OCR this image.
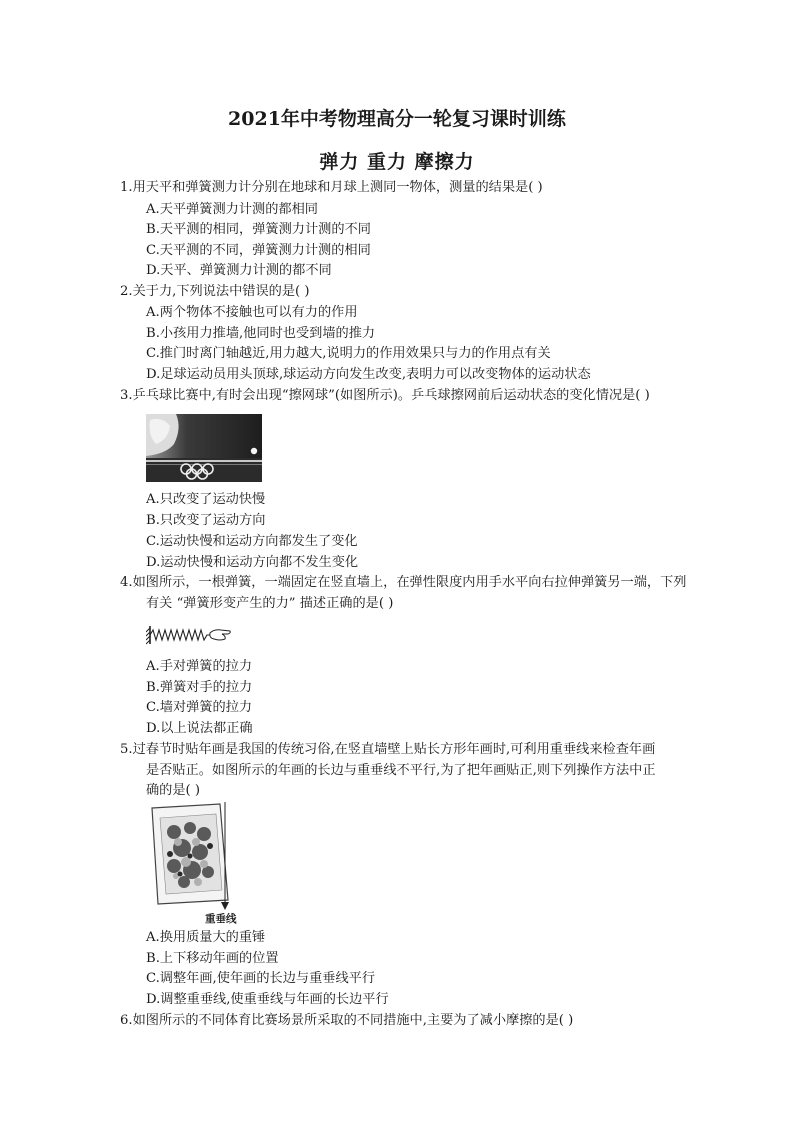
2021年中考物理高分一轮复习课时训练
弹力 重力 摩擦力
1.用天平和弹簧测力计分别在地球和月球上测同一物体，测量的结果是( )
A.天平弹簧测力计测的都相同
B.天平测的相同，弹簧测力计测的不同
C.天平测的不同，弹簧测力计测的相同
D.天平、弹簧测力计测的都不同
2.关于力,下列说法中错误的是( )
A.两个物体不接触也可以有力的作用
B.小孩用力推墙,他同时也受到墙的推力
C.推门时离门轴越近,用力越大,说明力的作用效果只与力的作用点有关
D.足球运动员用头顶球,球运动方向发生改变,表明力可以改变物体的运动状态
3.乒乓球比赛中,有时会出现“擦网球”(如图所示)。乒乓球擦网前后运动状态的变化情况是( )
A.只改变了运动快慢
B.只改变了运动方向
C.运动快慢和运动方向都发生了变化
D.运动快慢和运动方向都不发生变化
4.如图所示，一根弹簧，一端固定在竖直墙上，在弹性限度内用手水平向右拉伸弹簧另一端，下列
有关 “弹簧形变产生的力” 描述正确的是( )
A.手对弹簧的拉力
B.弹簧对手的拉力
C.墙对弹簧的拉力
D.以上说法都正确
5.过春节时贴年画是我国的传统习俗,在竖直墙壁上贴长方形年画时,可利用重垂线来检查年画
是否贴正。如图所示的年画的长边与重垂线不平行,为了把年画贴正,则下列操作方法中正
确的是( )
重垂线
A.换用质量大的重锤
B.上下移动年画的位置
C.调整年画,使年画的长边与重垂线平行
D.调整重垂线,使重垂线与年画的长边平行
6.如图所示的不同体育比赛场景所采取的不同措施中,主要为了减小摩擦的是( )
